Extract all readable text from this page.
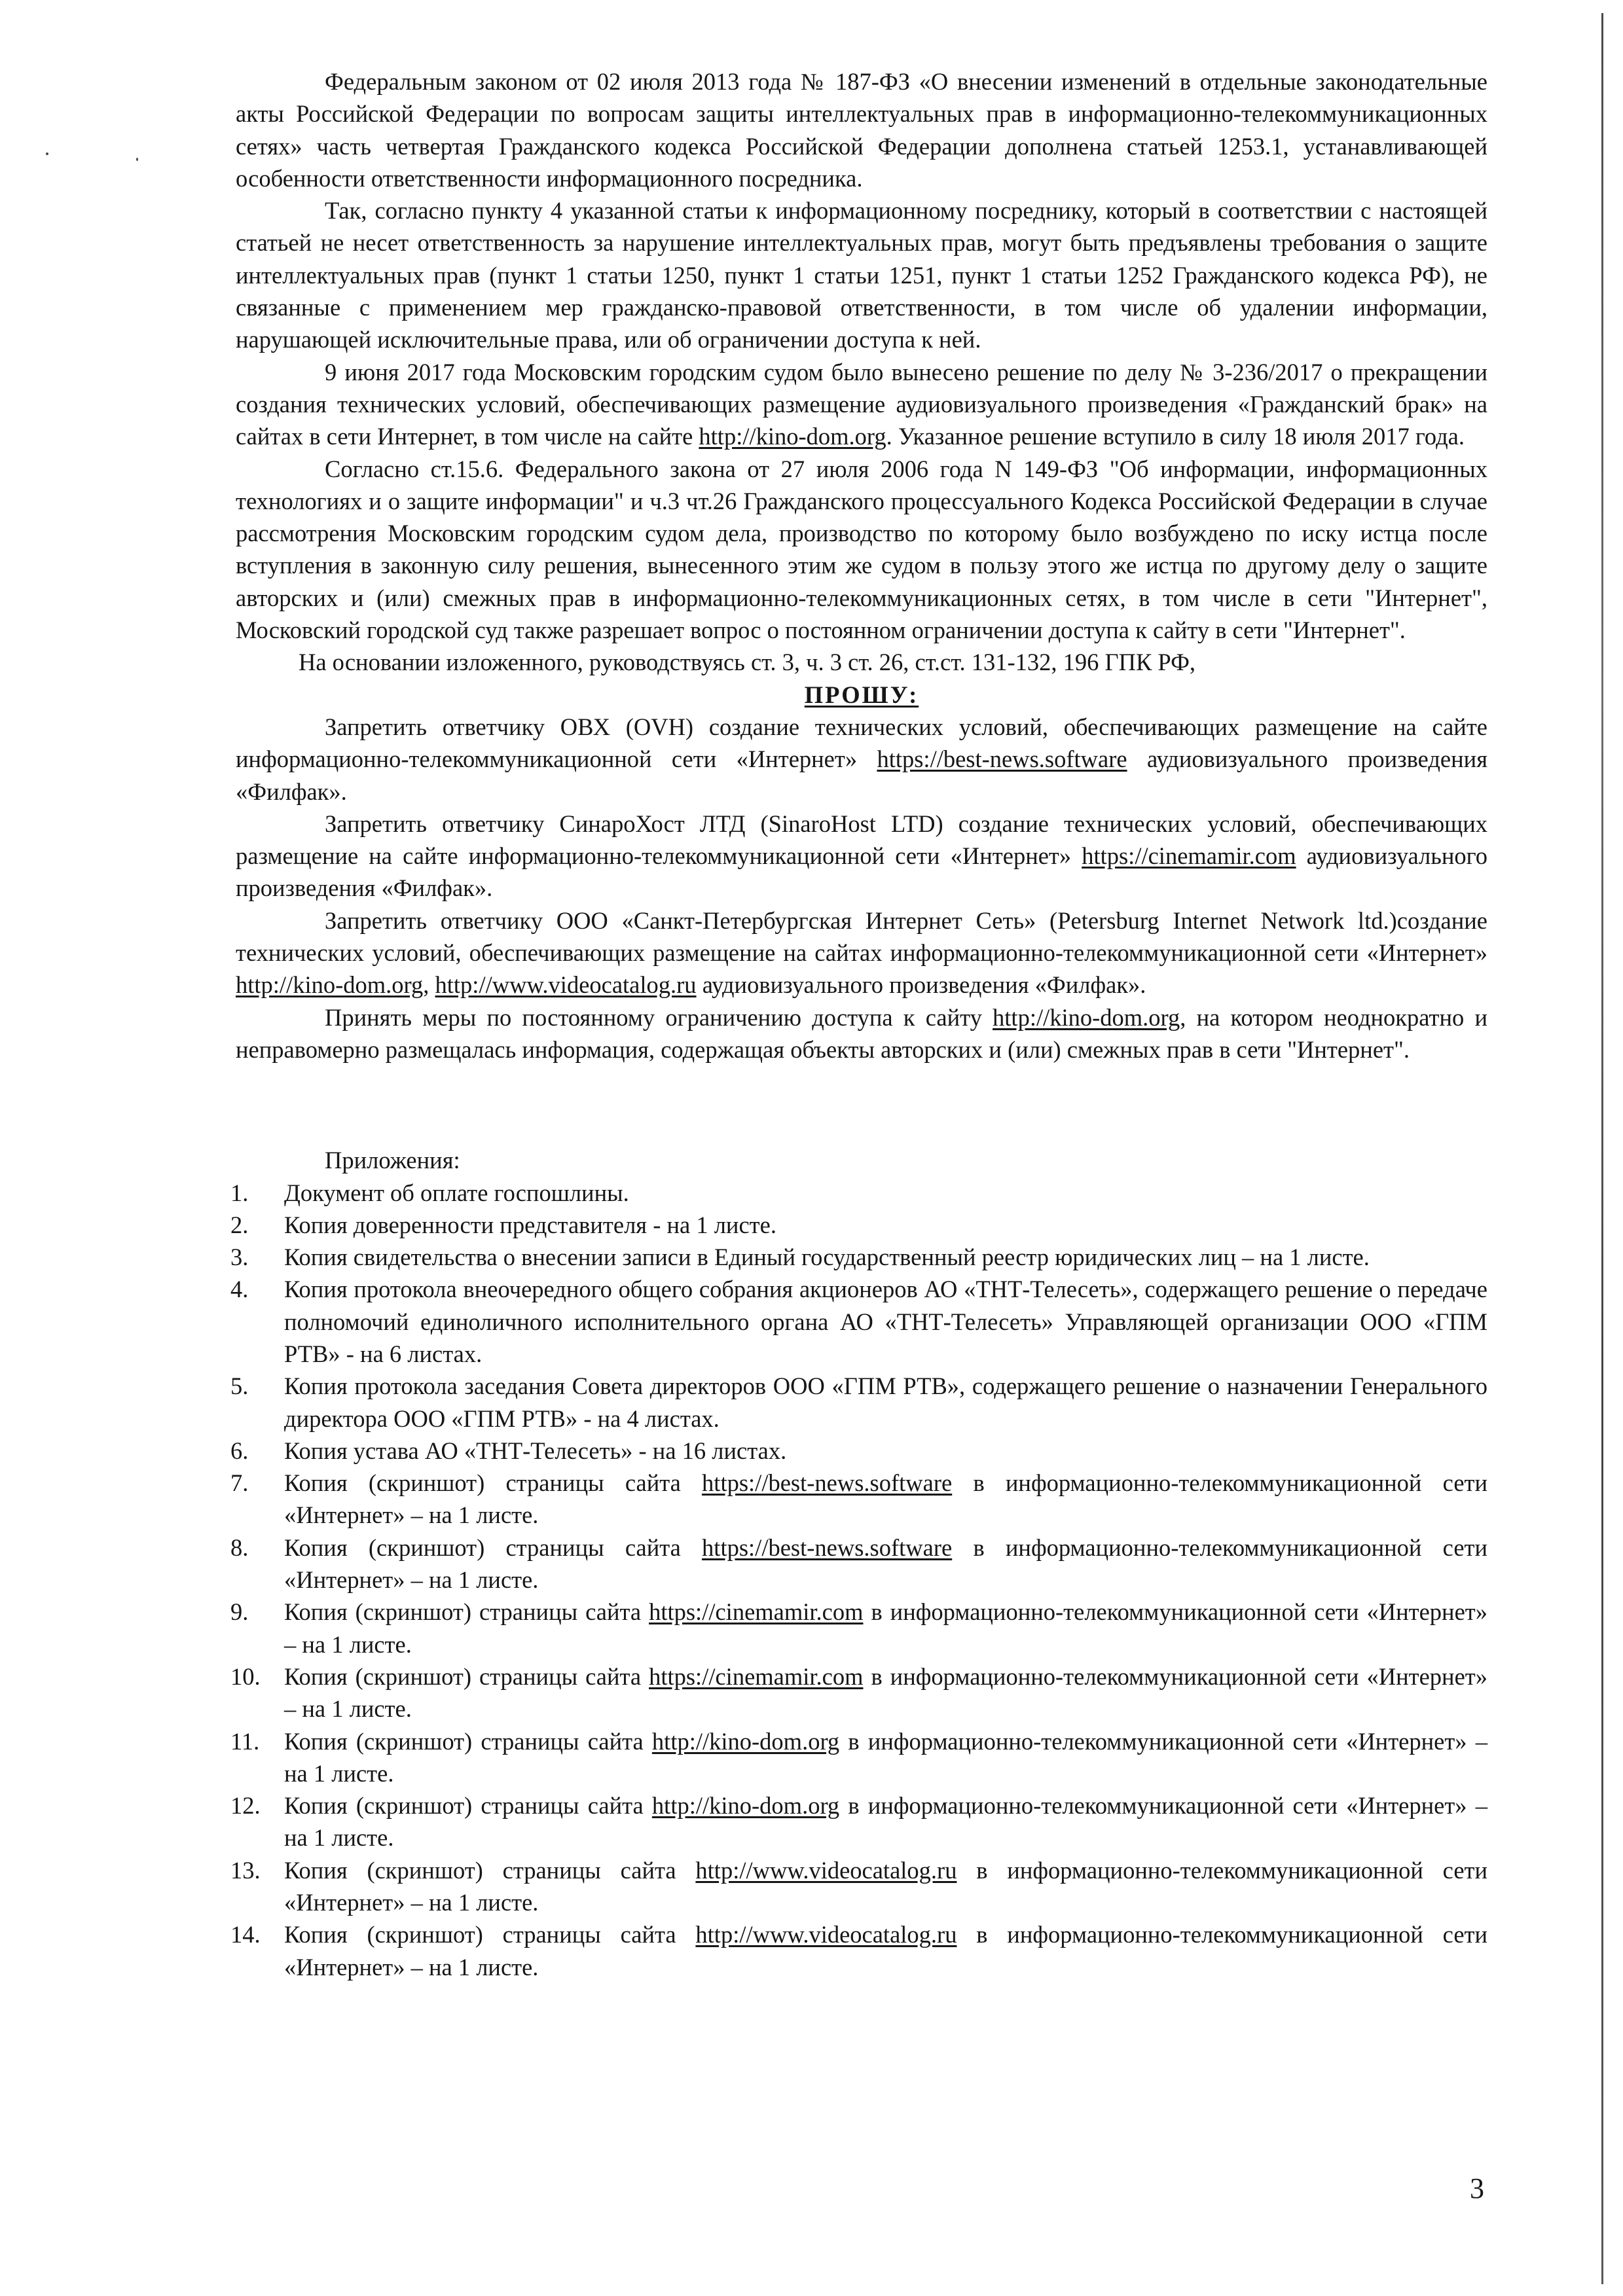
Федеральным законом от 02 июля 2013 года № 187-ФЗ «О внесении изменений в отдельные законодательные акты Российской Федерации по вопросам защиты интеллектуальных прав в информационно-телекоммуникационных сетях» часть четвертая Гражданского кодекса Российской Федерации дополнена статьей 1253.1, устанавливающей особенности ответственности информационного посредника.

Так, согласно пункту 4 указанной статьи к информационному посреднику, который в соответствии с настоящей статьей не несет ответственность за нарушение интеллектуальных прав, могут быть предъявлены требования о защите интеллектуальных прав (пункт 1 статьи 1250, пункт 1 статьи 1251, пункт 1 статьи 1252 Гражданского кодекса РФ), не связанные с применением мер гражданско-правовой ответственности, в том числе об удалении информации, нарушающей исключительные права, или об ограничении доступа к ней.

9 июня 2017 года Московским городским судом было вынесено решение по делу № 3-236/2017 о прекращении создания технических условий, обеспечивающих размещение аудиовизуального произведения «Гражданский брак» на сайтах в сети Интернет, в том числе на сайте http://kino-dom.org. Указанное решение вступило в силу 18 июля 2017 года.

Согласно ст.15.6. Федерального закона от 27 июля 2006 года N 149-ФЗ "Об информации, информационных технологиях и о защите информации" и ч.3 чт.26 Гражданского процессуального Кодекса Российской Федерации в случае рассмотрения Московским городским судом дела, производство по которому было возбуждено по иску истца после вступления в законную силу решения, вынесенного этим же судом в пользу этого же истца по другому делу о защите авторских и (или) смежных прав в информационно-телекоммуникационных сетях, в том числе в сети "Интернет", Московский городской суд также разрешает вопрос о постоянном ограничении доступа к сайту в сети "Интернет".

На основании изложенного, руководствуясь ст. 3, ч. 3 ст. 26, ст.ст. 131-132, 196 ГПК РФ,

ПРОШУ:

Запретить ответчику ОВХ (OVH) создание технических условий, обеспечивающих размещение на сайте информационно-телекоммуникационной сети «Интернет» https://best-news.software аудиовизуального произведения «Филфак».

Запретить ответчику СинароХост ЛТД (SinaroHost LTD) создание технических условий, обеспечивающих размещение на сайте информационно-телекоммуникационной сети «Интернет» https://cinemamir.com аудиовизуального произведения «Филфак».

Запретить ответчику ООО «Санкт-Петербургская Интернет Сеть» (Petersburg Internet Network ltd.)создание технических условий, обеспечивающих размещение на сайтах информационно-телекоммуникационной сети «Интернет» http://kino-dom.org, http://www.videocatalog.ru аудиовизуального произведения «Филфак».

Принять меры по постоянному ограничению доступа к сайту http://kino-dom.org, на котором неоднократно и неправомерно размещалась информация, содержащая объекты авторских и (или) смежных прав в сети "Интернет".

Приложения:

1.	Документ об оплате госпошлины.
2.	Копия доверенности представителя - на 1 листе.
3.	Копия свидетельства о внесении записи в Единый государственный реестр юридических лиц – на 1 листе.
4.	Копия протокола внеочередного общего собрания акционеров АО «ТНТ-Телесеть», содержащего решение о передаче полномочий единоличного исполнительного органа АО «ТНТ-Телесеть» Управляющей организации ООО «ГПМ РТВ» - на 6 листах.
5.	Копия протокола заседания Совета директоров ООО «ГПМ РТВ», содержащего решение о назначении Генерального директора ООО «ГПМ РТВ» - на 4 листах.
6.	Копия устава АО «ТНТ-Телесеть» - на 16 листах.
7.	Копия (скриншот) страницы сайта https://best-news.software в информационно-телекоммуникационной сети «Интернет» – на 1 листе.
8.	Копия (скриншот) страницы сайта https://best-news.software в информационно-телекоммуникационной сети «Интернет» – на 1 листе.
9.	Копия (скриншот) страницы сайта https://cinemamir.com в информационно-телекоммуникационной сети «Интернет» – на 1 листе.
10. Копия (скриншот) страницы сайта https://cinemamir.com в информационно-телекоммуникационной сети «Интернет» – на 1 листе.
11.	Копия (скриншот) страницы сайта http://kino-dom.org в информационно-телекоммуникационной сети «Интернет» – на 1 листе.
12. Копия (скриншот) страницы сайта http://kino-dom.org в информационно-телекоммуникационной сети «Интернет» – на 1 листе.
13. Копия (скриншот) страницы сайта http://www.videocatalog.ru в информационно-телекоммуникационной сети «Интернет» – на 1 листе.
14. Копия (скриншот) страницы сайта http://www.videocatalog.ru в информационно-телекоммуникационной сети «Интернет» – на 1 листе.
3
